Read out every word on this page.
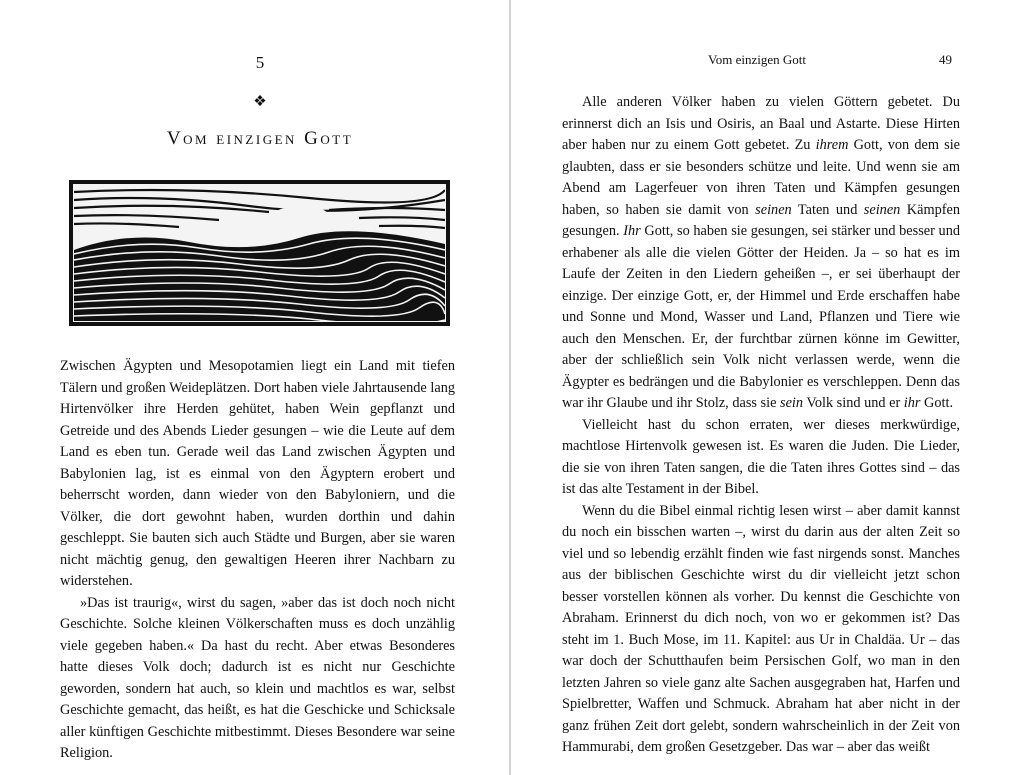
5
❖
Vom einzigen Gott

Zwischen Ägypten und Mesopotamien liegt ein Land mit tiefen Tälern und großen Weideplätzen. Dort haben viele Jahrtausende lang Hirtenvölker ihre Herden gehütet, haben Wein gepflanzt und Getreide und des Abends Lieder gesungen – wie die Leute auf dem Land es eben tun. Gerade weil das Land zwischen Ägypten und Babylonien lag, ist es einmal von den Ägyptern erobert und beherrscht worden, dann wieder von den Babyloniern, und die Völker, die dort gewohnt haben, wurden dorthin und dahin geschleppt. Sie bauten sich auch Städte und Burgen, aber sie waren nicht mächtig genug, den gewaltigen Heeren ihrer Nachbarn zu widerstehen.

»Das ist traurig«, wirst du sagen, »aber das ist doch noch nicht Geschichte. Solche kleinen Völkerschaften muss es doch unzählig viele gegeben haben.« Da hast du recht. Aber etwas Besonderes hatte dieses Volk doch; dadurch ist es nicht nur Geschichte geworden, sondern hat auch, so klein und machtlos es war, selbst Geschichte gemacht, das heißt, es hat die Geschicke und Schicksale aller künftigen Geschichte mitbestimmt. Dieses Besondere war seine Religion.

Vom einzigen Gott	49

Alle anderen Völker haben zu vielen Göttern gebetet. Du erinnerst dich an Isis und Osiris, an Baal und Astarte. Diese Hirten aber haben nur zu einem Gott gebetet. Zu ihrem Gott, von dem sie glaubten, dass er sie besonders schütze und leite. Und wenn sie am Abend am Lagerfeuer von ihren Taten und Kämpfen gesungen haben, so haben sie damit von seinen Taten und seinen Kämpfen gesungen. Ihr Gott, so haben sie gesungen, sei stärker und besser und erhabener als alle die vielen Götter der Heiden. Ja – so hat es im Laufe der Zeiten in den Liedern geheißen –, er sei überhaupt der einzige. Der einzige Gott, er, der Himmel und Erde erschaffen habe und Sonne und Mond, Wasser und Land, Pflanzen und Tiere wie auch den Menschen. Er, der furchtbar zürnen könne im Gewitter, aber der schließlich sein Volk nicht verlassen werde, wenn die Ägypter es bedrängen und die Babylonier es verschleppen. Denn das war ihr Glaube und ihr Stolz, dass sie sein Volk sind und er ihr Gott.

Vielleicht hast du schon erraten, wer dieses merkwürdige, machtlose Hirtenvolk gewesen ist. Es waren die Juden. Die Lieder, die sie von ihren Taten sangen, die die Taten ihres Gottes sind – das ist das alte Testament in der Bibel.

Wenn du die Bibel einmal richtig lesen wirst – aber damit kannst du noch ein bisschen warten –, wirst du darin aus der alten Zeit so viel und so lebendig erzählt finden wie fast nirgends sonst. Manches aus der biblischen Geschichte wirst du dir vielleicht jetzt schon besser vorstellen können als vorher. Du kennst die Geschichte von Abraham. Erinnerst du dich noch, von wo er gekommen ist? Das steht im 1. Buch Mose, im 11. Kapitel: aus Ur in Chaldäa. Ur – das war doch der Schutthaufen beim Persischen Golf, wo man in den letzten Jahren so viele ganz alte Sachen ausgegraben hat, Harfen und Spielbretter, Waffen und Schmuck. Abraham hat aber nicht in der ganz frühen Zeit dort gelebt, sondern wahrscheinlich in der Zeit von Hammurabi, dem großen Gesetzgeber. Das war – aber das weißt
